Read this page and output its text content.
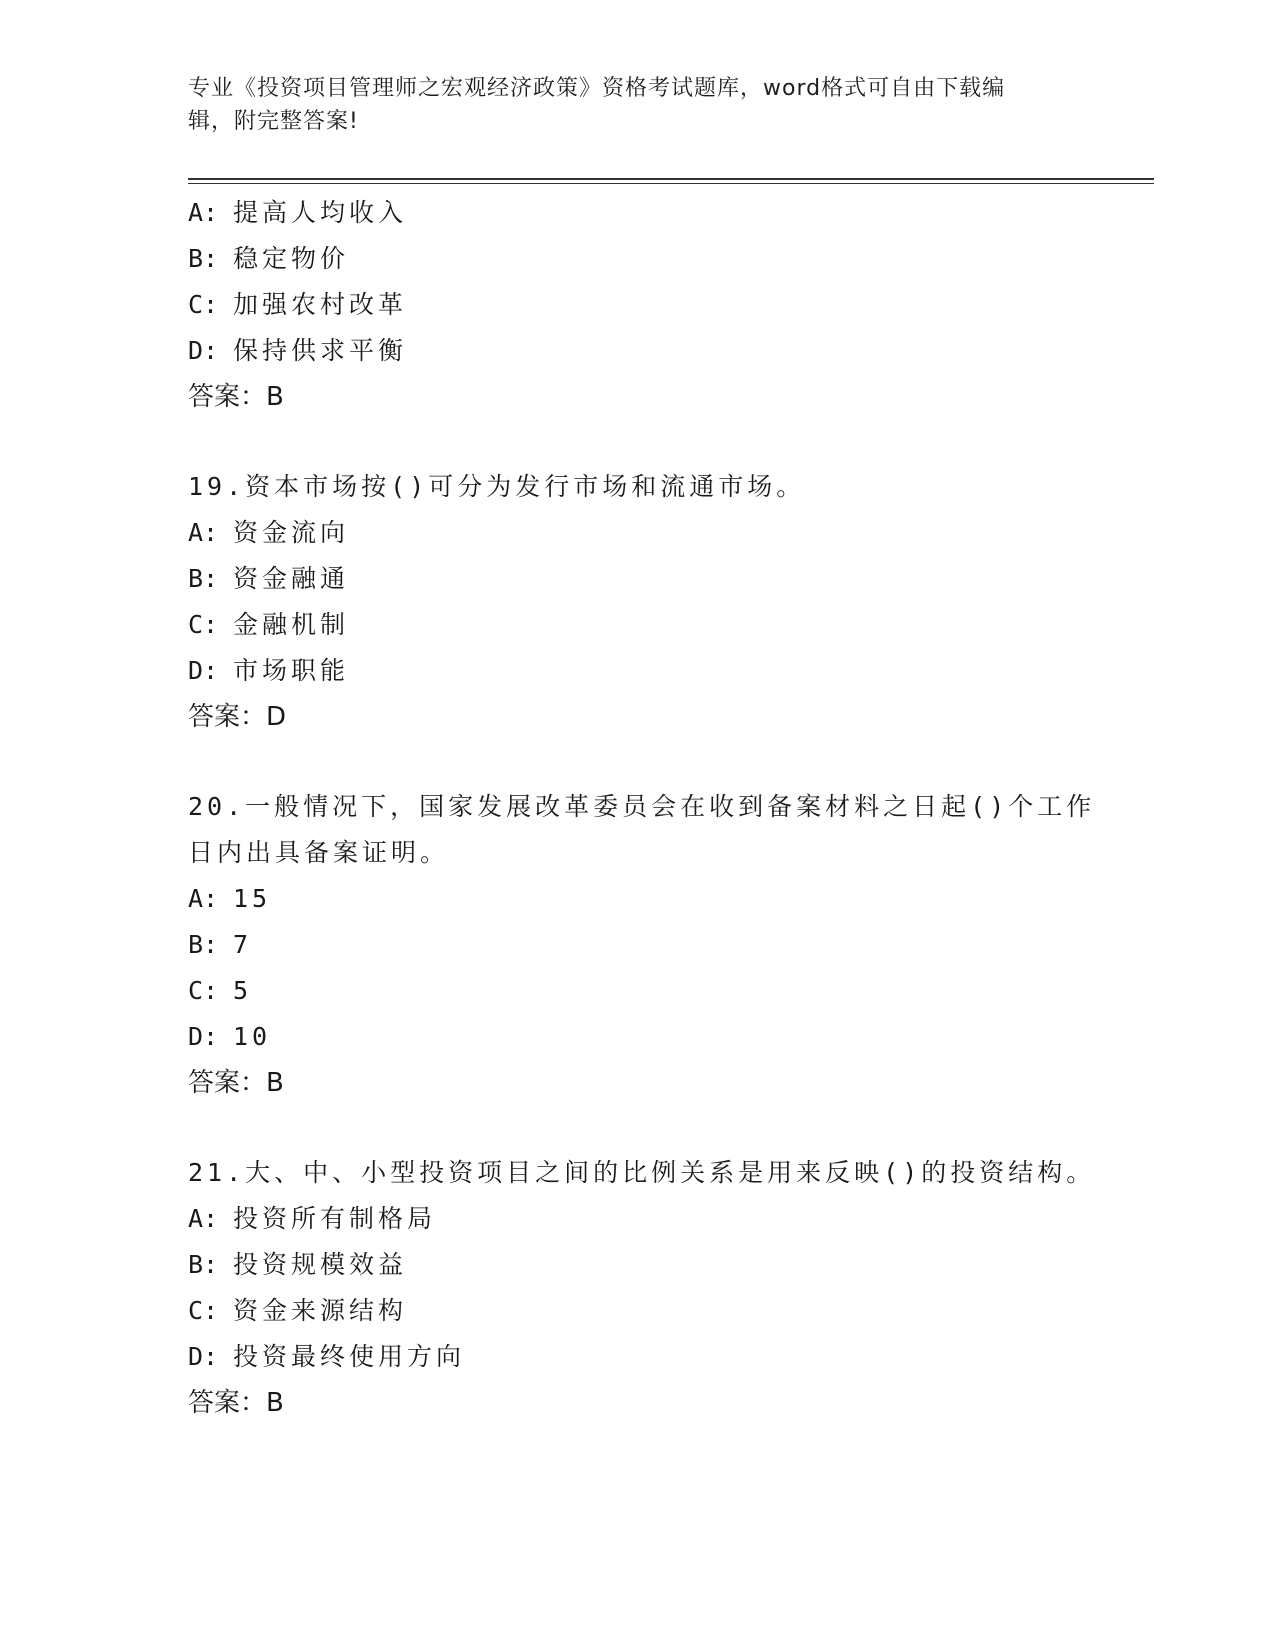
专业《投资项目管理师之宏观经济政策》资格考试题库，word格式可自由下载编
辑，附完整答案!
A: 提高人均收入
B: 稳定物价
C: 加强农村改革
D: 保持供求平衡
答案：B
19.资本市场按()可分为发行市场和流通市场。
A: 资金流向
B: 资金融通
C: 金融机制
D: 市场职能
答案：D
20.一般情况下，国家发展改革委员会在收到备案材料之日起()个工作
日内出具备案证明。
A: 15
B: 7
C: 5
D: 10
答案：B
21.大、中、小型投资项目之间的比例关系是用来反映()的投资结构。
A: 投资所有制格局
B: 投资规模效益
C: 资金来源结构
D: 投资最终使用方向
答案：B
